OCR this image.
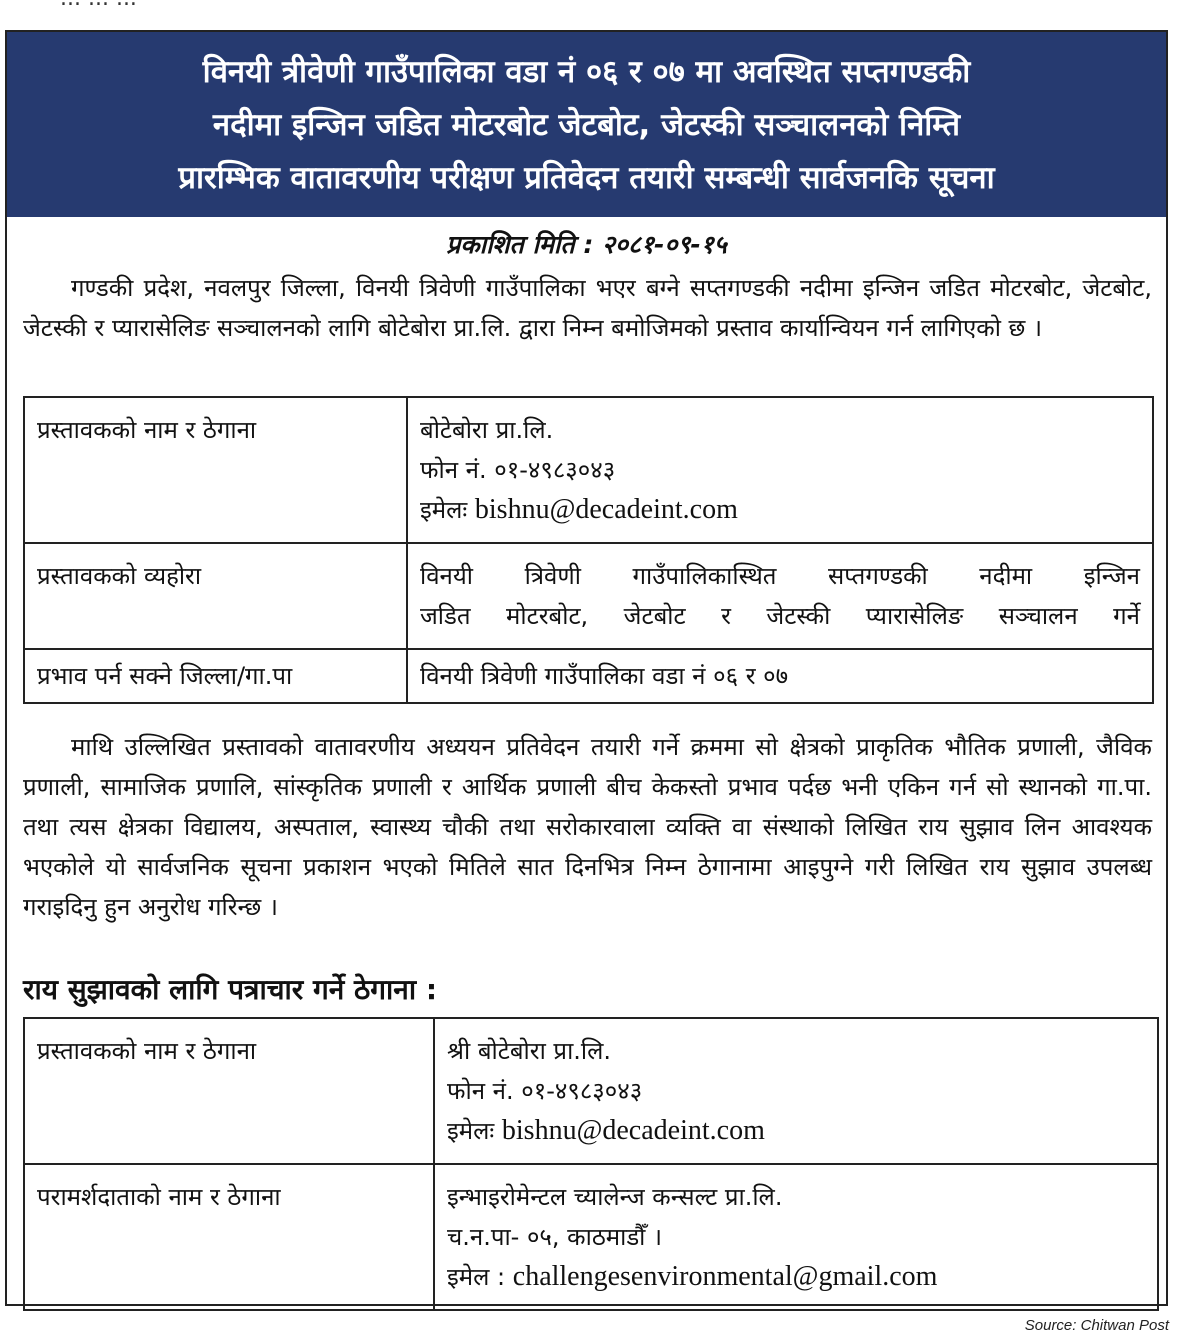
विनयी त्रीवेणी गाउँपालिका वडा नं ०६ र ०७ मा अवस्थित सप्तगण्डकी
नदीमा इन्जिन जडित मोटरबोट जेटबोट, जेटस्की सञ्चालनको निम्ति
प्रारम्भिक वातावरणीय परीक्षण प्रतिवेदन तयारी सम्बन्धी सार्वजनकि सूचना
प्रकाशित मिति : २०८१-०९-१५
गण्डकी प्रदेश, नवलपुर जिल्ला, विनयी त्रिवेणी गाउँपालिका भएर बग्ने सप्तगण्डकी नदीमा इन्जिन जडित मोटरबोट, जेटबोट, जेटस्की र प्यारासेलिङ सञ्चालनको लागि बोटेबोरा प्रा.लि. द्वारा निम्न बमोजिमको प्रस्ताव कार्यान्वियन गर्न लागिएको छ ।
प्रस्तावकको नाम र ठेगाना	बोटेबोरा प्रा.लि.
फोन नं. ०१-४९८३०४३
इमेलः bishnu@decadeint.com

प्रस्तावकको व्यहोरा	विनयी त्रिवेणी गाउँपालिकास्थित सप्तगण्डकी नदीमा इन्जिन
जडित मोटरबोट, जेटबोट र जेटस्की प्यारासेलिङ सञ्चालन गर्ने

प्रभाव पर्न सक्ने जिल्ला/गा.पा	विनयी त्रिवेणी गाउँपालिका वडा नं ०६ र ०७
माथि उल्लिखित प्रस्तावको वातावरणीय अध्ययन प्रतिवेदन तयारी गर्ने क्रममा सो क्षेत्रको प्राकृतिक भौतिक प्रणाली, जैविक प्रणाली, सामाजिक प्रणालि, सांस्कृतिक प्रणाली र आर्थिक प्रणाली बीच केकस्तो प्रभाव पर्दछ भनी एकिन गर्न सो स्थानको गा.पा. तथा त्यस क्षेत्रका विद्यालय, अस्पताल, स्वास्थ्य चौकी तथा सरोकारवाला व्यक्ति वा संस्थाको लिखित राय सुझाव लिन आवश्यक भएकोले यो सार्वजनिक सूचना प्रकाशन भएको मितिले सात दिनभित्र निम्न ठेगानामा आइपुग्ने गरी लिखित राय सुझाव उपलब्ध गराइदिनु हुन अनुरोध गरिन्छ ।
राय सुझावको लागि पत्राचार गर्ने ठेगाना :
प्रस्तावकको नाम र ठेगाना	श्री बोटेबोरा प्रा.लि.
फोन नं. ०१-४९८३०४३
इमेलः bishnu@decadeint.com

परामर्शदाताको नाम र ठेगाना	इन्भाइरोमेन्टल च्यालेन्ज कन्सल्ट प्रा.लि.
च.न.पा- ०५, काठमाडौँ ।
इमेल : challengesenvironmental@gmail.com
Source: Chitwan Post
